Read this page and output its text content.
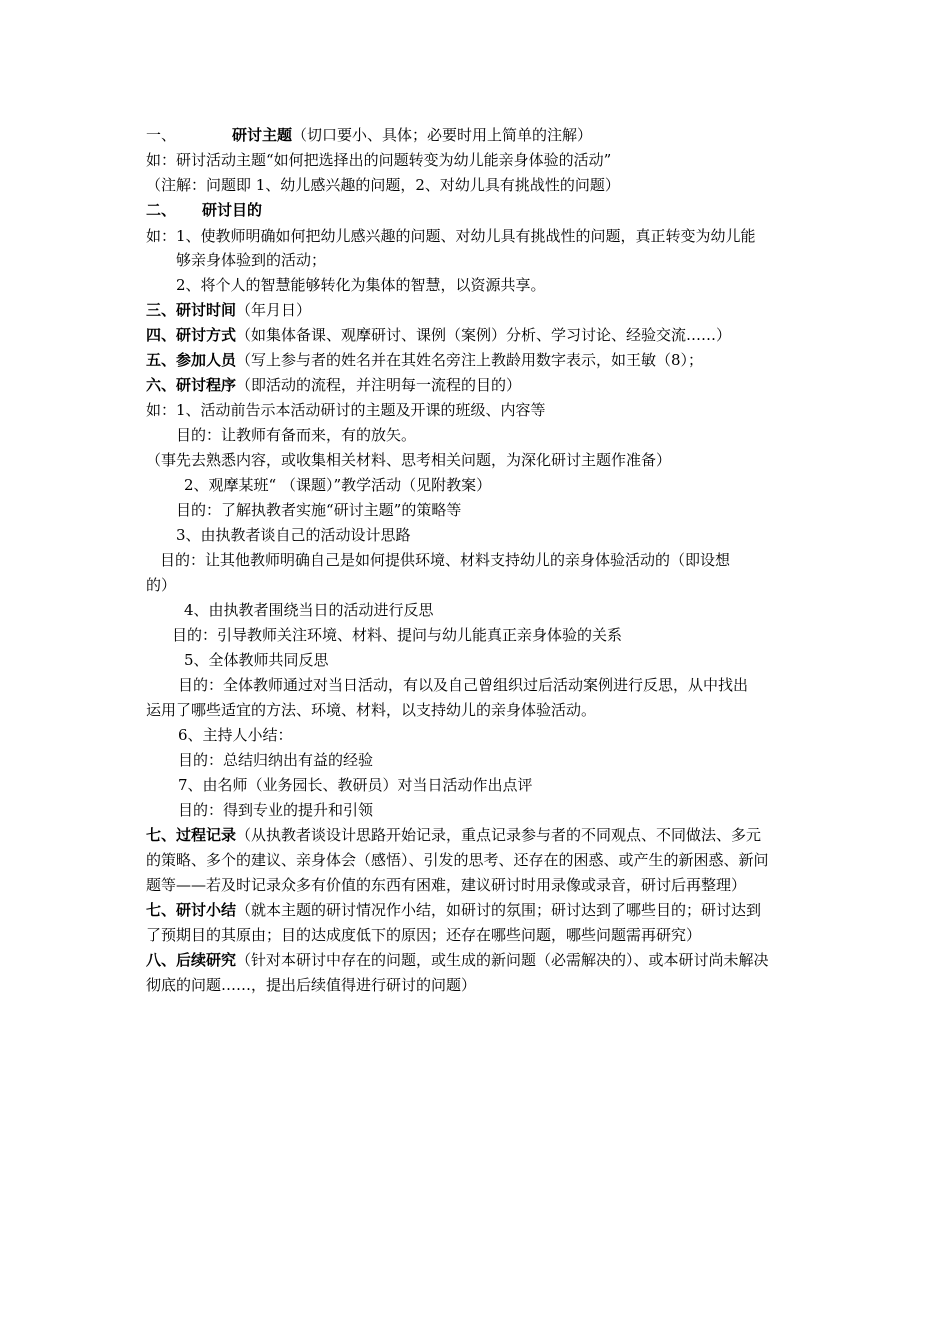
一、	研讨主题（切口要小、具体；必要时用上简单的注解）
如：研讨活动主题“如何把选择出的问题转变为幼儿能亲身体验的活动”
（注解：问题即 1、幼儿感兴趣的问题，2、对幼儿具有挑战性的问题）
二、 研讨目的
如：1、使教师明确如何把幼儿感兴趣的问题、对幼儿具有挑战性的问题，真正转变为幼儿能
够亲身体验到的活动；
2、将个人的智慧能够转化为集体的智慧，以资源共享。
三、研讨时间（年月日）
四、研讨方式（如集体备课、观摩研讨、课例（案例）分析、学习讨论、经验交流……）
五、参加人员（写上参与者的姓名并在其姓名旁注上教龄用数字表示，如王敏（8）；
六、研讨程序（即活动的流程，并注明每一流程的目的）
如：1、活动前告示本活动研讨的主题及开课的班级、内容等
目的：让教师有备而来，有的放矢。
（事先去熟悉内容，或收集相关材料、思考相关问题，为深化研讨主题作准备）
2、观摩某班“ （课题）”教学活动（见附教案）
目的：了解执教者实施“研讨主题”的策略等
3、由执教者谈自己的活动设计思路
目的：让其他教师明确自己是如何提供环境、材料支持幼儿的亲身体验活动的（即设想
的）
4、由执教者围绕当日的活动进行反思
目的：引导教师关注环境、材料、提问与幼儿能真正亲身体验的关系
5、全体教师共同反思
目的：全体教师通过对当日活动，有以及自己曾组织过后活动案例进行反思，从中找出
运用了哪些适宜的方法、环境、材料，以支持幼儿的亲身体验活动。
6、主持人小结：
目的：总结归纳出有益的经验
7、由名师（业务园长、教研员）对当日活动作出点评
目的：得到专业的提升和引领
七、过程记录（从执教者谈设计思路开始记录，重点记录参与者的不同观点、不同做法、多元
的策略、多个的建议、亲身体会（感悟）、引发的思考、还存在的困惑、或产生的新困惑、新问
题等——若及时记录众多有价值的东西有困难，建议研讨时用录像或录音，研讨后再整理）
七、研讨小结（就本主题的研讨情况作小结，如研讨的氛围；研讨达到了哪些目的；研讨达到
了预期目的其原由；目的达成度低下的原因；还存在哪些问题，哪些问题需再研究）
八、后续研究（针对本研讨中存在的问题，或生成的新问题（必需解决的）、或本研讨尚未解决
彻底的问题……，提出后续值得进行研讨的问题）
